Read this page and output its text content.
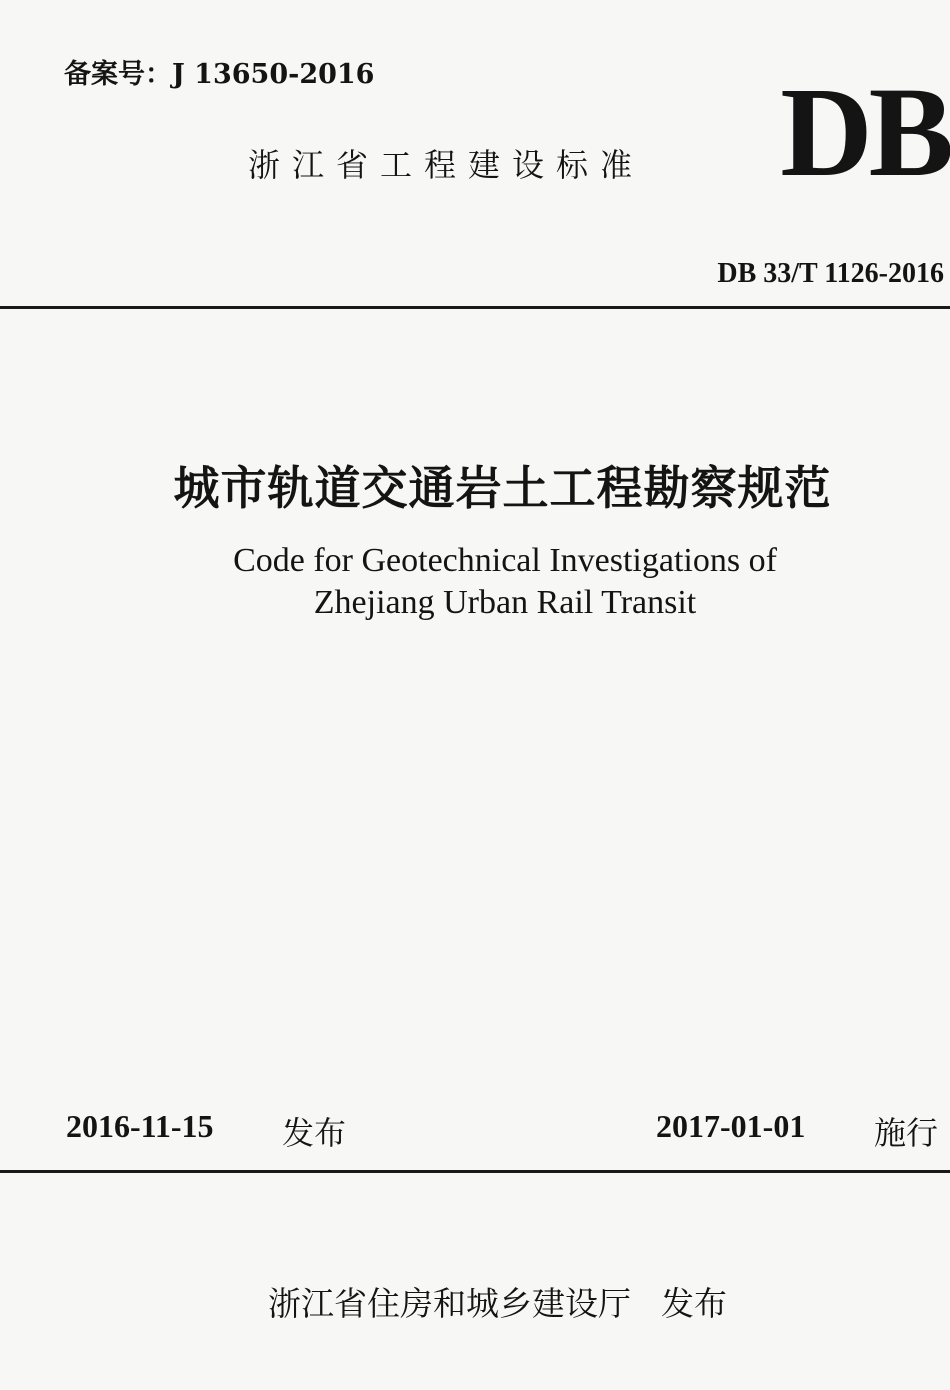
备案号：J 13650-2016
浙江省工程建设标准 DB
DB 33/T 1126-2016
城市轨道交通岩土工程勘察规范
Code for Geotechnical Investigations of
Zhejiang Urban Rail Transit
2016-11-15 发布	2017-01-01 施行
浙江省住房和城乡建设厅 发布
